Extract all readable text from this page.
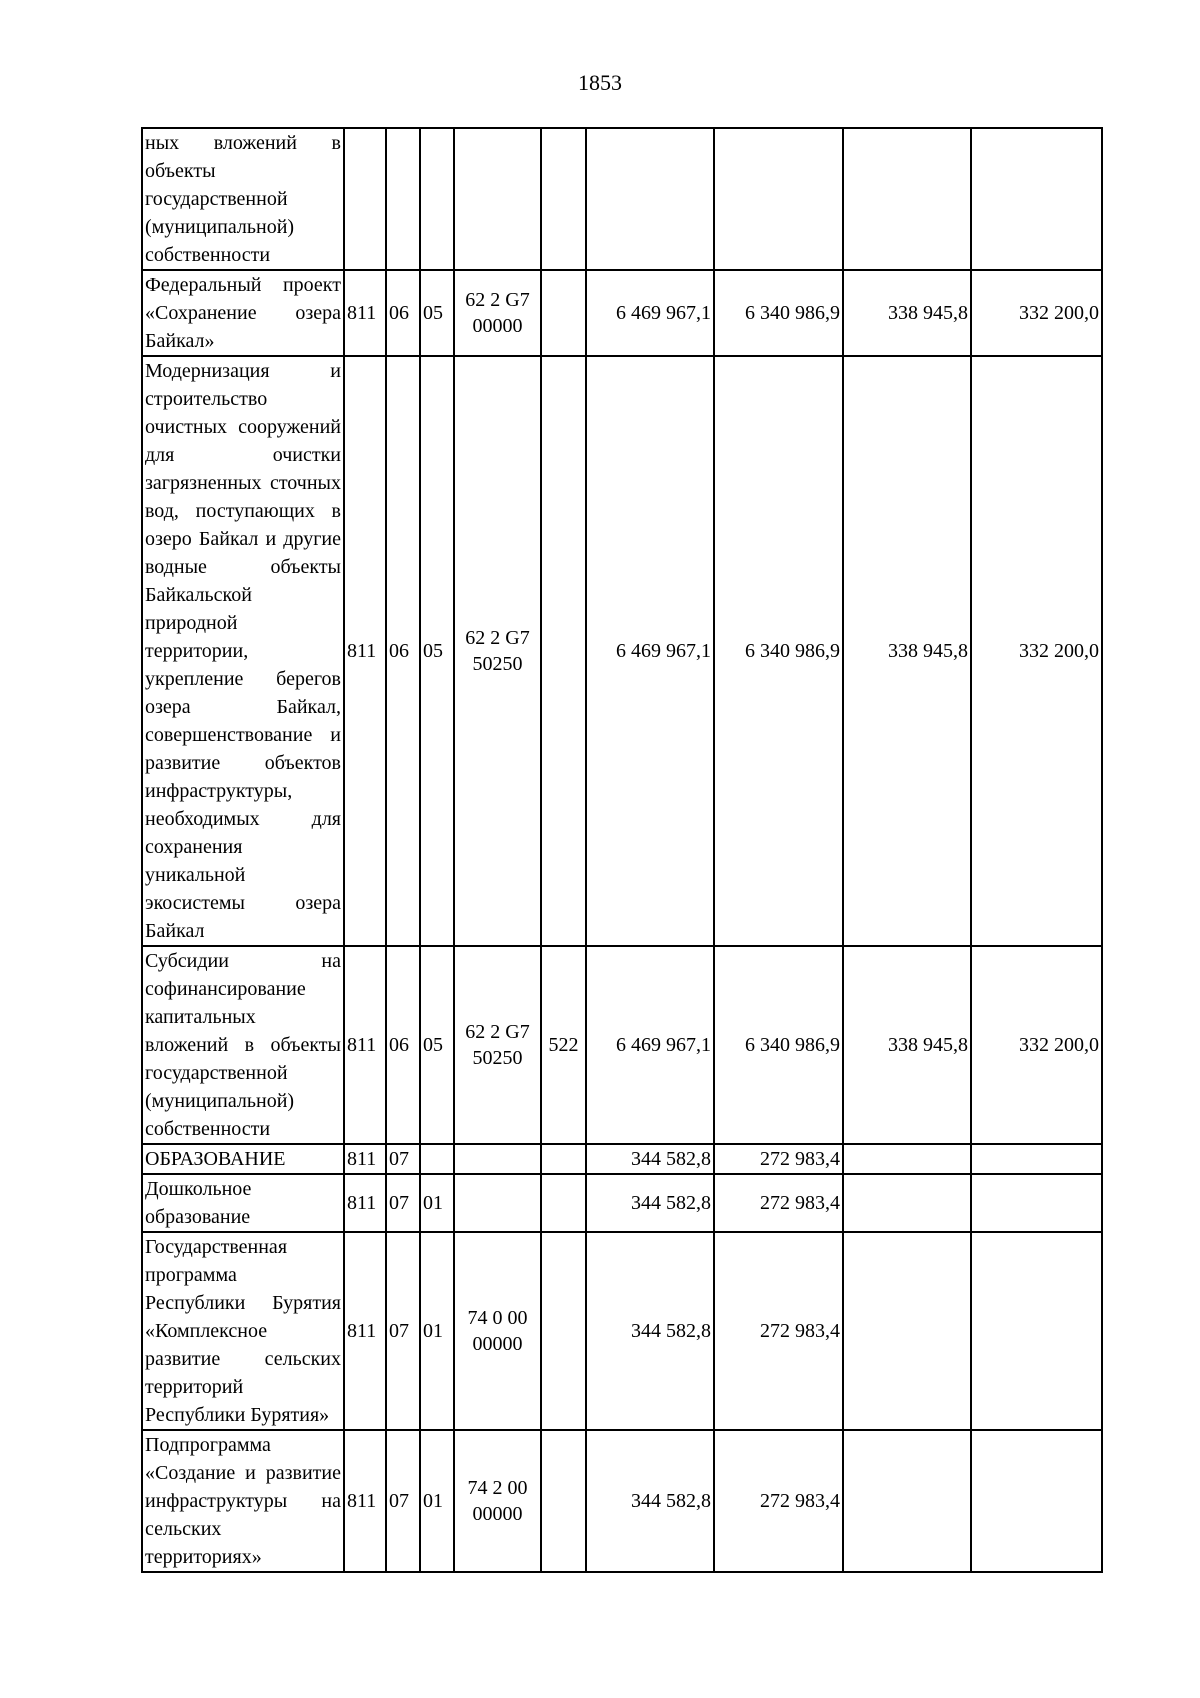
1853
ных вложений в объекты государственной (муниципальной) собственности									
Федеральный проект «Сохранение озера Байкал»	811	06	05	62 2 G7 00000		6 469 967,1	6 340 986,9	338 945,8	332 200,0
Модернизация и строительство очистных сооружений для очистки загрязненных сточных вод, поступающих в озеро Байкал и другие водные объекты Байкальской природной территории, укрепление берегов озера Байкал, совершенствование и развитие объектов инфраструктуры, необходимых для сохранения уникальной экосистемы озера Байкал	811	06	05	62 2 G7 50250		6 469 967,1	6 340 986,9	338 945,8	332 200,0
Субсидии на софинансирование капитальных вложений в объекты государственной (муниципальной) собственности	811	06	05	62 2 G7 50250	522	6 469 967,1	6 340 986,9	338 945,8	332 200,0
ОБРАЗОВАНИЕ	811	07				344 582,8	272 983,4		
Дошкольное образование	811	07	01			344 582,8	272 983,4		
Государственная программа Республики Бурятия «Комплексное развитие сельских территорий Республики Бурятия»	811	07	01	74 0 00 00000		344 582,8	272 983,4		
Подпрограмма «Создание и развитие инфраструктуры на сельских территориях»	811	07	01	74 2 00 00000		344 582,8	272 983,4		
